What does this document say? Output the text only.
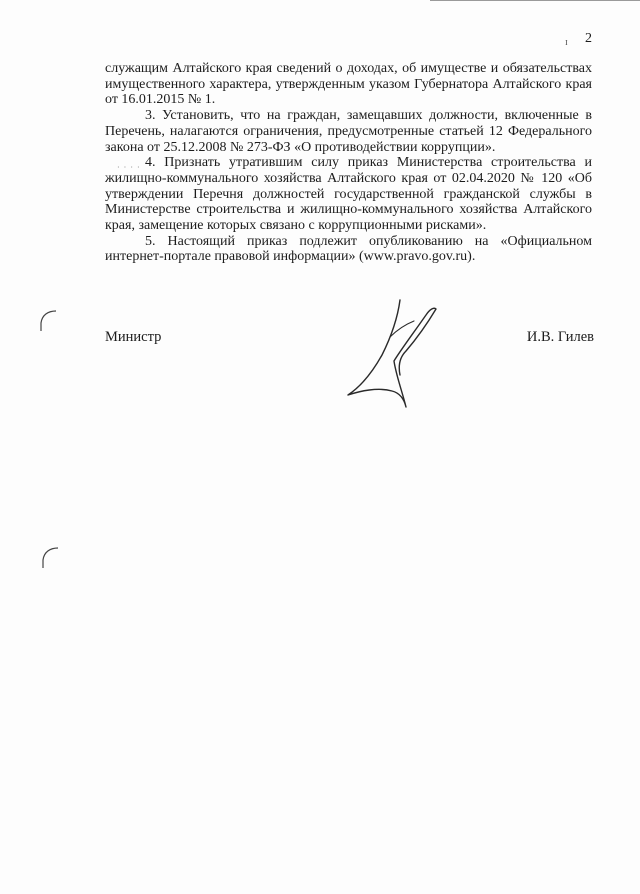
ɪ 2

служащим Алтайского края сведений о доходах, об имуществе и обязательствах имущественного характера, утвержденным указом Губернатора Алтайского края от 16.01.2015 № 1.

3. Установить, что на граждан, замещавших должности, включенные в Перечень, налагаются ограничения, предусмотренные статьей 12 Федерального закона от 25.12.2008 № 273-ФЗ «О противодействии коррупции».

4. Признать утратившим силу приказ Министерства строительства и жилищно-коммунального хозяйства Алтайского края от 02.04.2020 № 120 «Об утверждении Перечня должностей государственной гражданской службы в Министерстве строительства и жилищно-коммунального хозяйства Алтайского края, замещение которых связано с коррупционными рисками».

5. Настоящий приказ подлежит опубликованию на «Официальном интернет-портале правовой информации» (www.pravo.gov.ru).

· · · ·
Министр	И.В. Гилев
